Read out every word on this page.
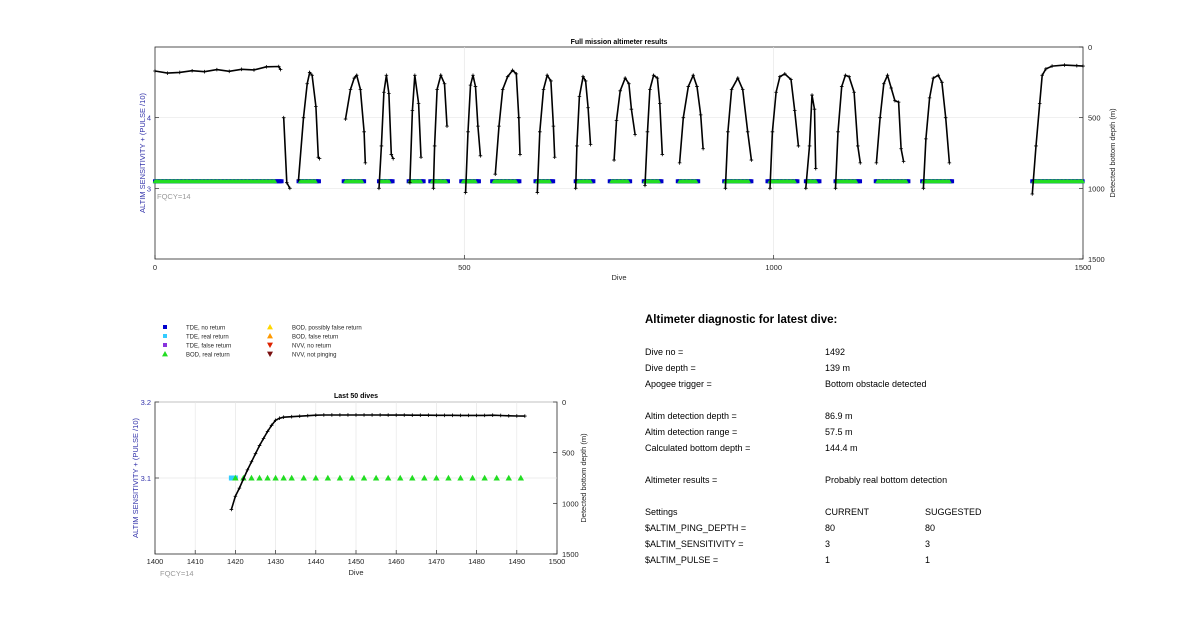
0	500	1000	1500
3
4
0
500
1000
1500
Full mission altimeter results
Dive
ALTIM SENSITIVITY + (PULSE /10)	Detected bottom depth (m)
FQCY=14
TDE, no return
TDE, real return
TDE, false return
BOD, real return
BOD, possibly false return
BOD, false return
NVV, no return
NVV, not pinging
1400	1410	1420	1430	1440	1450	1460	1470	1480	1490	1500
3.1
3.2	0
500
1000
1500
Last 50 dives
Dive
ALTIM SENSITIVITY + (PULSE /10)	Detected bottom depth (m)
FQCY=14
Altimeter diagnostic for latest dive:
Dive no =	1492
Dive depth =	139 m
Apogee trigger =	Bottom obstacle detected
Altim detection depth =	86.9 m
Altim detection range =	57.5 m
Calculated bottom depth =	144.4 m
Altimeter results =	Probably real bottom detection
Settings	CURRENT	SUGGESTED
$ALTIM_PING_DEPTH =	80	80
$ALTIM_SENSITIVITY =	3	3
$ALTIM_PULSE =	1	1
